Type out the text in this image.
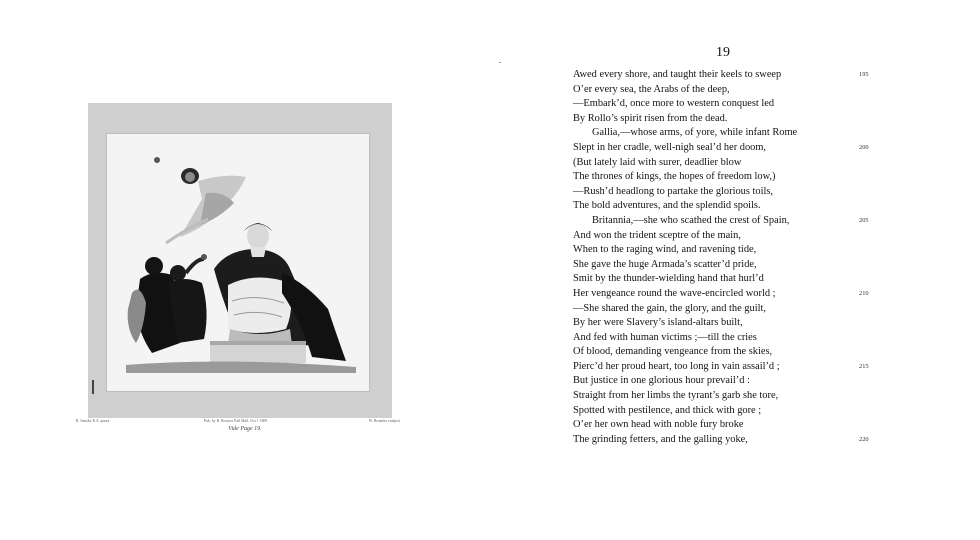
R. Smirke R.A. pinxit	Pub. by R. Bowyer Pall Mall, Oct 1 1809	W. Bromley sculpsit
Vide Page 19.
19
Awed every shore, and taught their keels to sweep	195
O’er every sea, the Arabs of the deep,
—Embark’d, once more to western conquest led
By Rollo’s spirit risen from the dead.
Gallia,—whose arms, of yore, while infant Rome
Slept in her cradle, well-nigh seal’d her doom,	200
(But lately laid with surer, deadlier blow
The thrones of kings, the hopes of freedom low,)
—Rush’d headlong to partake the glorious toils,
The bold adventures, and the splendid spoils.
Britannia,—she who scathed the crest of Spain,	205
And won the trident sceptre of the main,
When to the raging wind, and ravening tide,
She gave the huge Armada’s scatter’d pride,
Smit by the thunder-wielding hand that hurl’d
Her vengeance round the wave-encircled world ;	210
—She shared the gain, the glory, and the guilt,
By her were Slavery’s island-altars built,
And fed with human victims ;—till the cries
Of blood, demanding vengeance from the skies,
Pierc’d her proud heart, too long in vain assail’d ;	215
But justice in one glorious hour prevail’d :
Straight from her limbs the tyrant’s garb she tore,
Spotted with pestilence, and thick with gore ;
O’er her own head with noble fury broke
The grinding fetters, and the galling yoke,	220
